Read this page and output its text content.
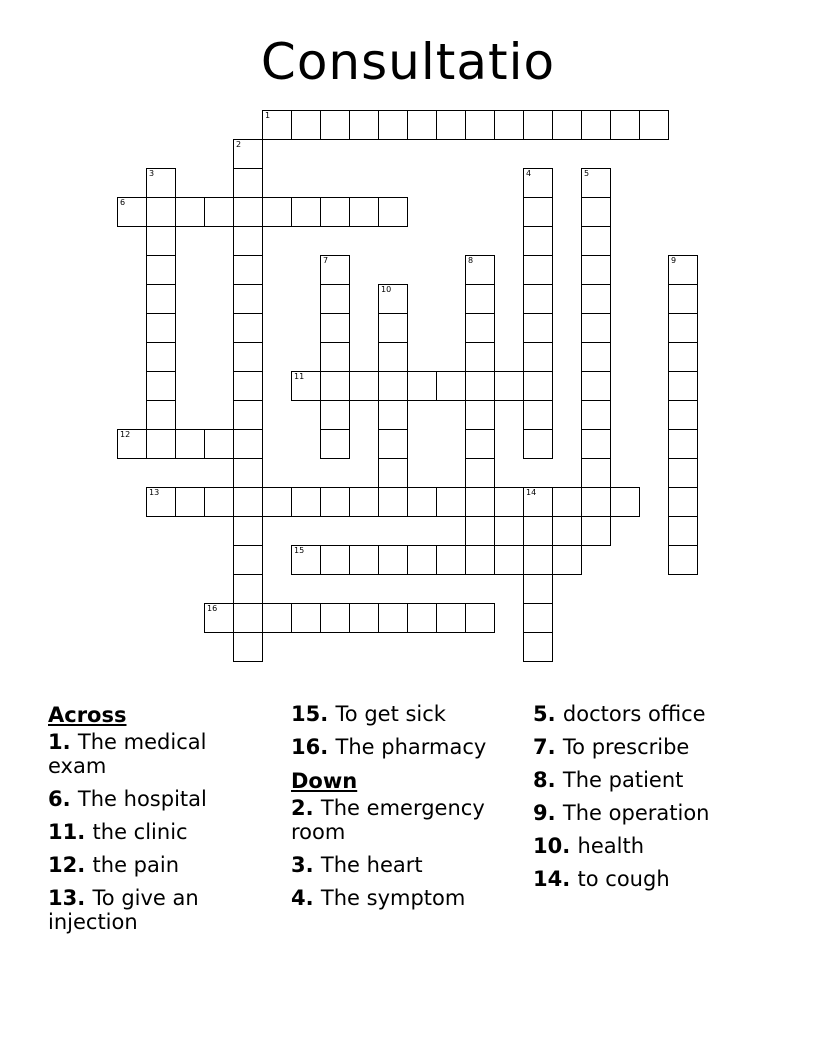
Consultatio
1
2
3	4	5
6
7	8	9
10
11
12
13	14
15
16
Across
1. The medical exam
6. The hospital
11. the clinic
12. the pain
13. To give an injection
15. To get sick
16. The pharmacy
Down
2. The emergency room
3. The heart
4. The symptom
5. doctors office
7. To prescribe
8. The patient
9. The operation
10. health
14. to cough
